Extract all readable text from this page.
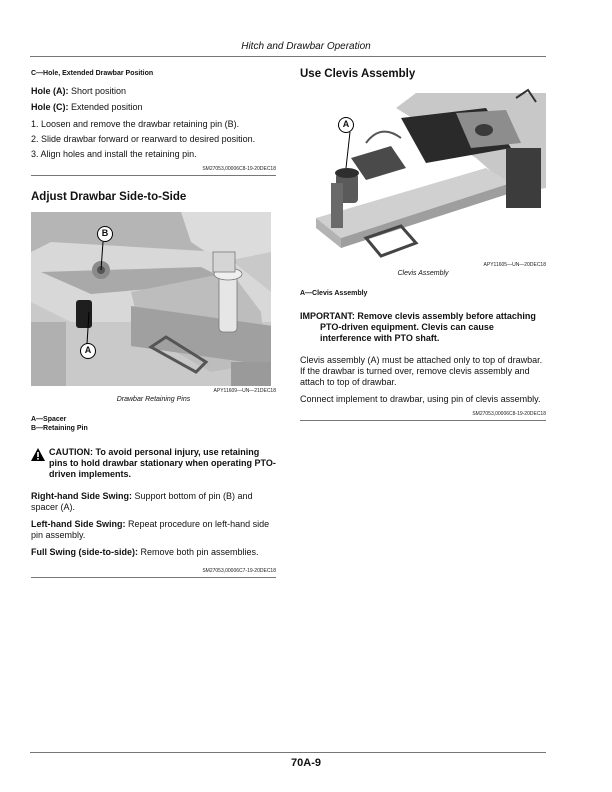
Hitch and Drawbar Operation
C—Hole, Extended Drawbar Position
Hole (A): Short position
Hole (C): Extended position
1. Loosen and remove the drawbar retaining pin (B).
2. Slide drawbar forward or rearward to desired position.
3. Align holes and install the retaining pin.
SM27053,00006C8-19-20DEC18
Adjust Drawbar Side-to-Side
B
A
APY11609—UN—21DEC18
Drawbar Retaining Pins
A—Spacer
B—Retaining Pin
CAUTION: To avoid personal injury, use retaining pins to hold drawbar stationary when operating PTO-driven implements.
Right-hand Side Swing: Support bottom of pin (B) and spacer (A).
Left-hand Side Swing: Repeat procedure on left-hand side pin assembly.
Full Swing (side-to-side): Remove both pin assemblies.
SM27053,00006C7-19-20DEC18
Use Clevis Assembly
A
APY11605—UN—20DEC18
Clevis Assembly
A—Clevis Assembly
IMPORTANT: Remove clevis assembly before attaching PTO-driven equipment. Clevis can cause interference with PTO shaft.
Clevis assembly (A) must be attached only to top of drawbar. If the drawbar is turned over, remove clevis assembly and attach to top of drawbar.
Connect implement to drawbar, using pin of clevis assembly.
SM27053,00006C8-19-20DEC18
70A-9
